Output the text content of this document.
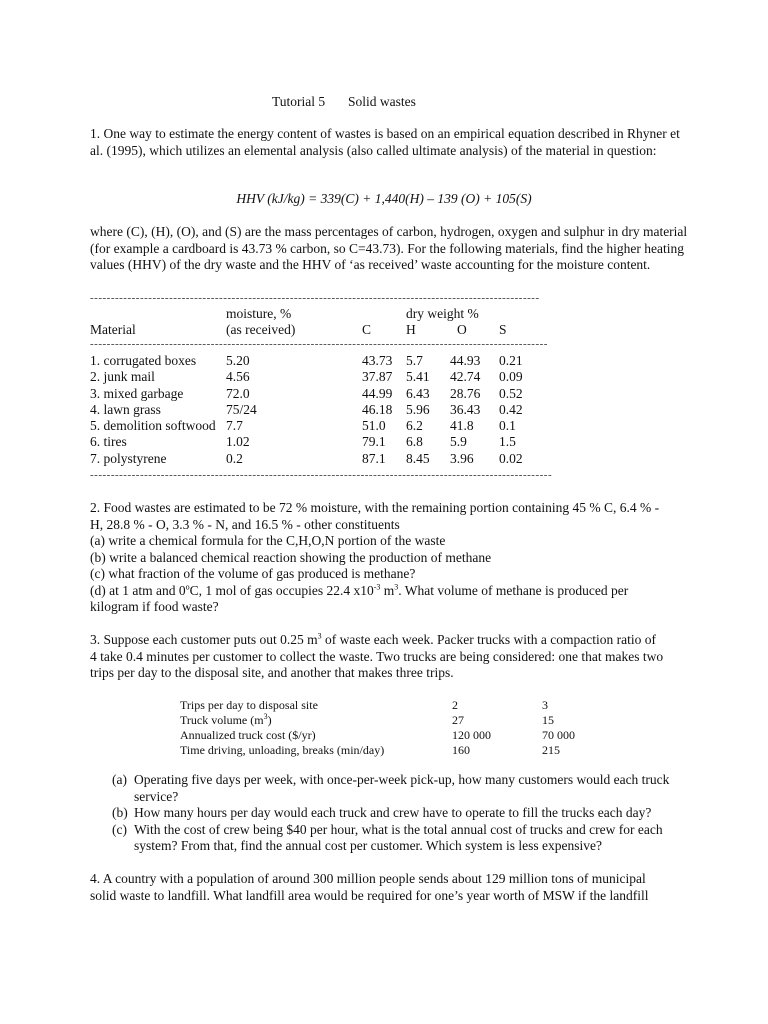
Tutorial 5 Solid wastes
1. One way to estimate the energy content of wastes is based on an empirical equation described in Rhyner et al. (1995), which utilizes an elemental analysis (also called ultimate analysis) of the material in question:
HHV (kJ/kg) = 339(C) + 1,440(H) – 139 (O) + 105(S)
where (C), (H), (O), and (S) are the mass percentages of carbon, hydrogen, oxygen and sulphur in dry material (for example a cardboard is 43.73 % carbon, so C=43.73). For the following materials, find the higher heating values (HHV) of the dry waste and the HHV of ‘as received’ waste accounting for the moisture content.
------------------------------------------------------------------------------------------------------------
	moisture, %		dry weight %		
Material	(as received)	C	H	O	S
--------------------------------------------------------------------------------------------------------------
1. corrugated boxes	5.20	43.73	5.7	44.93	0.21
2. junk mail	4.56	37.87	5.41	42.74	0.09
3. mixed garbage	72.0	44.99	6.43	28.76	0.52
4. lawn grass	75/24	46.18	5.96	36.43	0.42
5. demolition softwood	7.7	51.0	6.2	41.8	0.1
6. tires	1.02	79.1	6.8	5.9	1.5
7. polystyrene	0.2	87.1	8.45	3.96	0.02
---------------------------------------------------------------------------------------------------------------
2. Food wastes are estimated to be 72 % moisture, with the remaining portion containing 45 % C, 6.4 % -
H, 28.8 % - O, 3.3 % - N, and 16.5 % - other constituents
(a) write a chemical formula for the C,H,O,N portion of the waste
(b) write a balanced chemical reaction showing the production of methane
(c) what fraction of the volume of gas produced is methane?
(d) at 1 atm and 0$^o$C, 1 mol of gas occupies 22.4 $x10^{-3}$ $m^3$. What volume of methane is produced per
kilogram if food waste?
3. Suppose each customer puts out 0.25 $m^3$ of waste each week. Packer trucks with a compaction ratio of
4 take 0.4 minutes per customer to collect the waste. Two trucks are being considered: one that makes two
trips per day to the disposal site, and another that makes three trips.
Trips per day to disposal site	2	3
Truck volume $(m^3)$	27	15
Annualized truck cost ($/yr)	120 000	70 000
Time driving, unloading, breaks (min/day)	160	215
(a) Operating five days per week, with once-per-week pick-up, how many customers would each truck service?
(b) How many hours per day would each truck and crew have to operate to fill the trucks each day?
(c) With the cost of crew being $40 per hour, what is the total annual cost of trucks and crew for each system? From that, find the annual cost per customer. Which system is less expensive?
4. A country with a population of around 300 million people sends about 129 million tons of municipal
solid waste to landfill. What landfill area would be required for one’s year worth of MSW if the landfill
